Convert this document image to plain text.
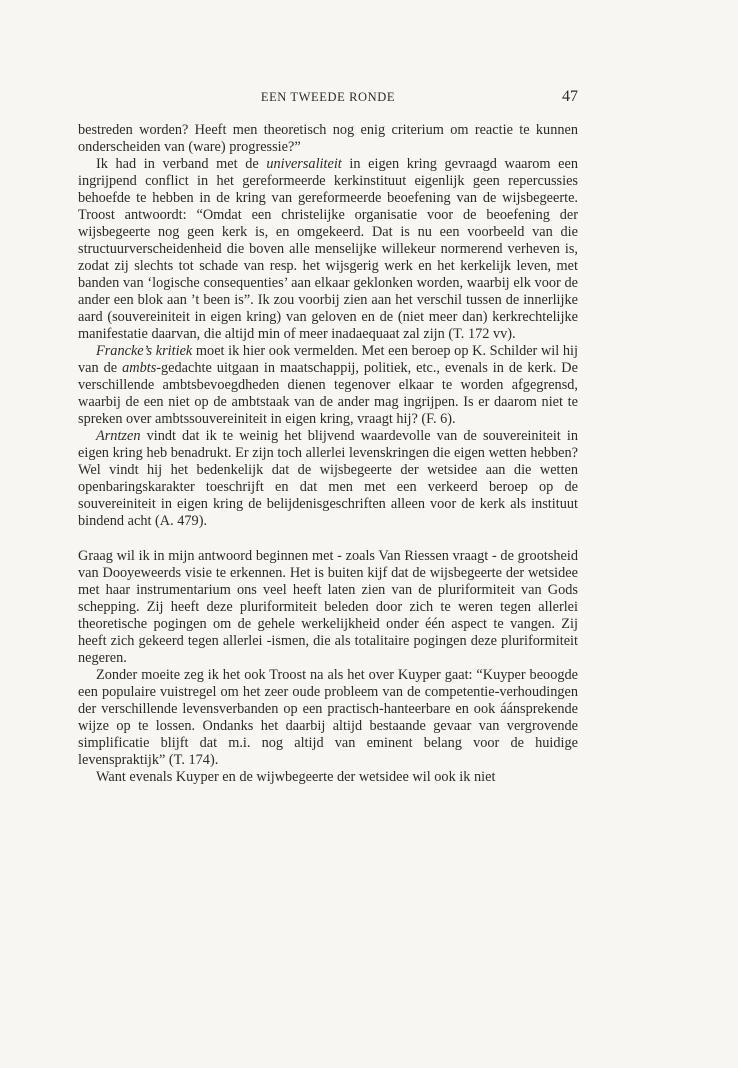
EEN TWEEDE RONDE	47

bestreden worden? Heeft men theoretisch nog enig criterium om reactie te kunnen onderscheiden van (ware) progressie?”

Ik had in verband met de universaliteit in eigen kring gevraagd waarom een ingrijpend conflict in het gereformeerde kerkinstituut eigenlijk geen repercussies behoefde te hebben in de kring van gereformeerde beoefening van de wijsbegeerte. Troost antwoordt: “Omdat een christelijke organisatie voor de beoefening der wijsbegeerte nog geen kerk is, en omgekeerd. Dat is nu een voorbeeld van die structuurverscheidenheid die boven alle menselijke willekeur normerend verheven is, zodat zij slechts tot schade van resp. het wijsgerig werk en het kerkelijk leven, met banden van ‘logische consequenties’ aan elkaar geklonken worden, waarbij elk voor de ander een blok aan ’t been is”. Ik zou voorbij zien aan het verschil tussen de innerlijke aard (souvereiniteit in eigen kring) van geloven en de (niet meer dan) kerkrechtelijke manifestatie daarvan, die altijd min of meer inadaequaat zal zijn (T. 172 vv).

Francke’s kritiek moet ik hier ook vermelden. Met een beroep op K. Schilder wil hij van de ambts-gedachte uitgaan in maatschappij, politiek, etc., evenals in de kerk. De verschillende ambtsbevoegdheden dienen tegenover elkaar te worden afgegrensd, waarbij de een niet op de ambtstaak van de ander mag ingrijpen. Is er daarom niet te spreken over ambtssouvereiniteit in eigen kring, vraagt hij? (F. 6).

Arntzen vindt dat ik te weinig het blijvend waardevolle van de souvereiniteit in eigen kring heb benadrukt. Er zijn toch allerlei levenskringen die eigen wetten hebben? Wel vindt hij het bedenkelijk dat de wijsbegeerte der wetsidee aan die wetten openbaringskarakter toeschrijft en dat men met een verkeerd beroep op de souvereiniteit in eigen kring de belijdenisgeschriften alleen voor de kerk als instituut bindend acht (A. 479).

Graag wil ik in mijn antwoord beginnen met - zoals Van Riessen vraagt - de grootsheid van Dooyeweerds visie te erkennen. Het is buiten kijf dat de wijsbegeerte der wetsidee met haar instrumentarium ons veel heeft laten zien van de pluriformiteit van Gods schepping. Zij heeft deze pluriformiteit beleden door zich te weren tegen allerlei theoretische pogingen om de gehele werkelijkheid onder één aspect te vangen. Zij heeft zich gekeerd tegen allerlei -ismen, die als totalitaire pogingen deze pluriformiteit negeren.

Zonder moeite zeg ik het ook Troost na als het over Kuyper gaat: “Kuyper beoogde een populaire vuistregel om het zeer oude probleem van de competentie-verhoudingen der verschillende levensverbanden op een practisch-hanteerbare en ook áánsprekende wijze op te lossen. Ondanks het daarbij altijd bestaande gevaar van vergrovende simplificatie blijft dat m.i. nog altijd van eminent belang voor de huidige levenspraktijk” (T. 174).

Want evenals Kuyper en de wijwbegeerte der wetsidee wil ook ik niet
